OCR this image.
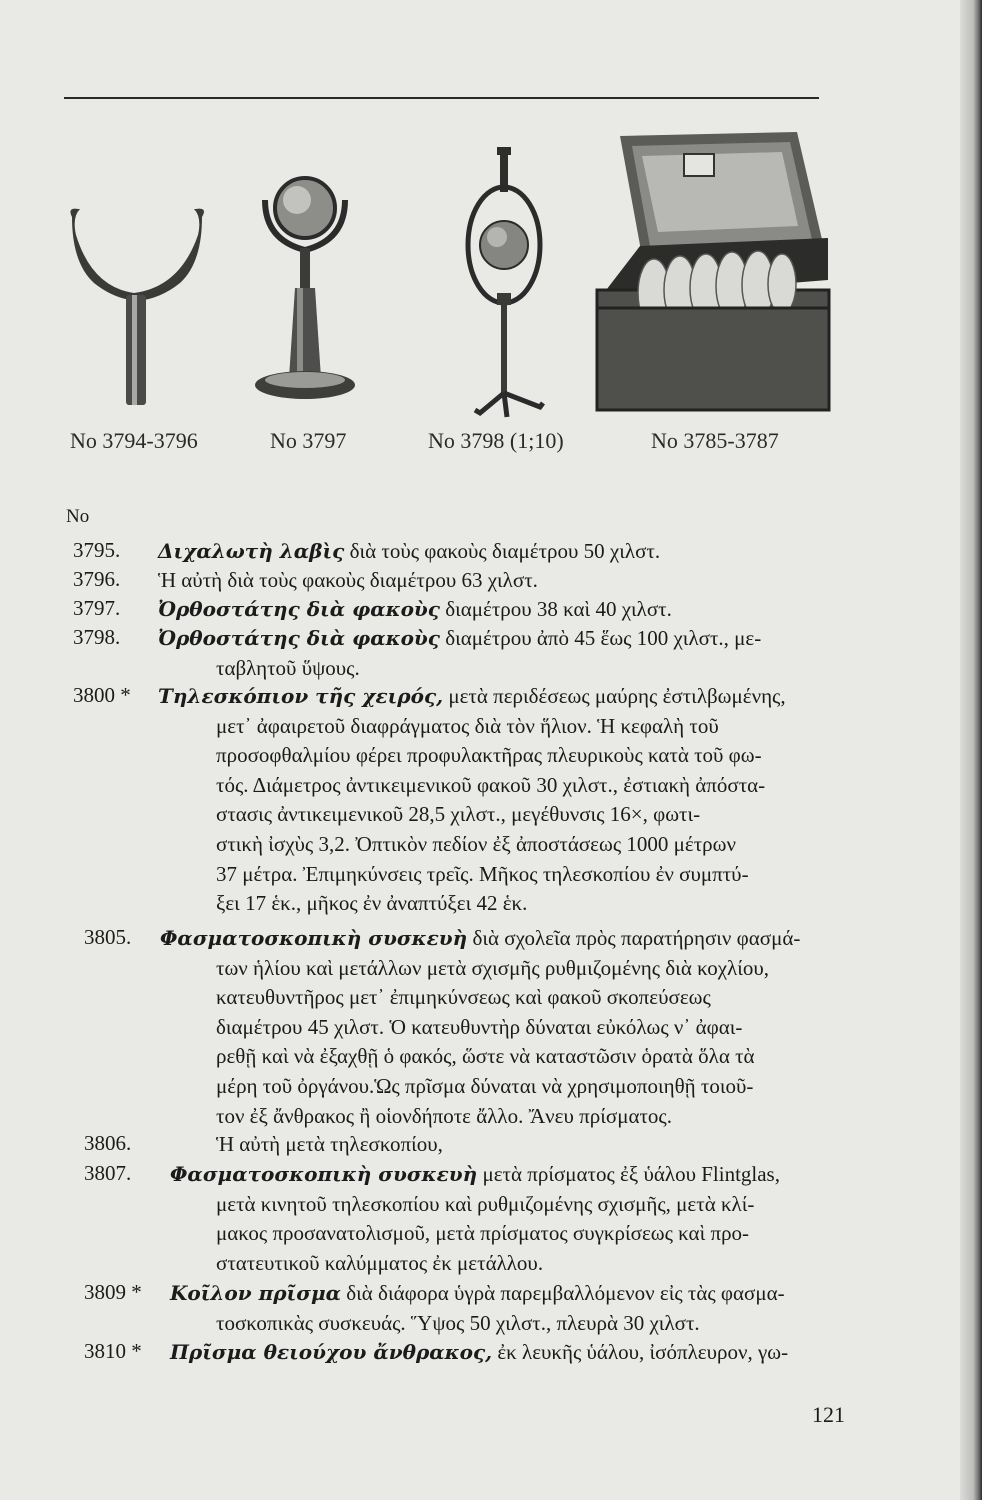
No 3794-3796	No 3797	No 3798 (1;10)	No 3785-3787
No
3795. Διχαλωτὴ λαβὶς διὰ τοὺς φακοὺς διαμέτρου 50 χιλστ.
3796. Ἡ αὐτὴ διὰ τοὺς φακοὺς διαμέτρου 63 χιλστ.
3797. Ὀρθοστάτης διὰ φακοὺς διαμέτρου 38 καὶ 40 χιλστ.
3798. Ὀρθοστάτης διὰ φακοὺς διαμέτρου ἀπὸ 45 ἕως 100 χιλστ., με-
ταβλητοῦ ὕψους.
3800 * Τηλεσκόπιον τῆς χειρός, μετὰ περιδέσεως μαύρης ἐστιλβωμένης,
μετ᾽ ἀφαιρετοῦ διαφράγματος διὰ τὸν ἥλιον. Ἡ κεφαλὴ τοῦ
προσοφθαλμίου φέρει προφυλακτῆρας πλευρικοὺς κατὰ τοῦ φω-
τός. Διάμετρος ἀντικειμενικοῦ φακοῦ 30 χιλστ., ἐστιακὴ ἀπόστα-
στασις ἀντικειμενικοῦ 28,5 χιλστ., μεγέθυνσις 16×, φωτι-
στικὴ ἰσχὺς 3,2. Ὀπτικὸν πεδίον ἐξ ἀποστάσεως 1000 μέτρων
37 μέτρα. Ἐπιμηκύνσεις τρεῖς. Μῆκος τηλεσκοπίου ἐν συμπτύ-
ξει 17 ἑκ., μῆκος ἐν ἀναπτύξει 42 ἑκ.
3805. Φασματοσκοπικὴ συσκευὴ διὰ σχολεῖα πρὸς παρατήρησιν φασμά-
των ἡλίου καὶ μετάλλων μετὰ σχισμῆς ρυθμιζομένης διὰ κοχλίου,
κατευθυντῆρος μετ᾽ ἐπιμηκύνσεως καὶ φακοῦ σκοπεύσεως
διαμέτρου 45 χιλστ. Ὁ κατευθυντὴρ δύναται εὐκόλως ν᾽ ἀφαι-
ρεθῇ καὶ νὰ ἐξαχθῇ ὁ φακός, ὥστε νὰ καταστῶσιν ὁρατὰ ὅλα τὰ
μέρη τοῦ ὀργάνου.Ὡς πρῖσμα δύναται νὰ χρησιμοποιηθῇ τοιοῦ-
τον ἐξ ἄνθρακος ἢ οἱονδήποτε ἄλλο. Ἄνευ πρίσματος.
3806.	Ἡ αὐτὴ μετὰ τηλεσκοπίου,
3807. Φασματοσκοπικὴ συσκευὴ μετὰ πρίσματος ἐξ ὑάλου Flintglas,
μετὰ κινητοῦ τηλεσκοπίου καὶ ρυθμιζομένης σχισμῆς, μετὰ κλί-
μακος προσανατολισμοῦ, μετὰ πρίσματος συγκρίσεως καὶ προ-
στατευτικοῦ καλύμματος ἐκ μετάλλου.
3809 * Κοῖλον πρῖσμα διὰ διάφορα ὑγρὰ παρεμβαλλόμενον εἰς τὰς φασμα-
τοσκοπικὰς συσκευάς. Ὕψος 50 χιλστ., πλευρὰ 30 χιλστ.
3810 * Πρῖσμα θειούχου ἄνθρακος, ἐκ λευκῆς ὑάλου, ἰσόπλευρον, γω-
121
